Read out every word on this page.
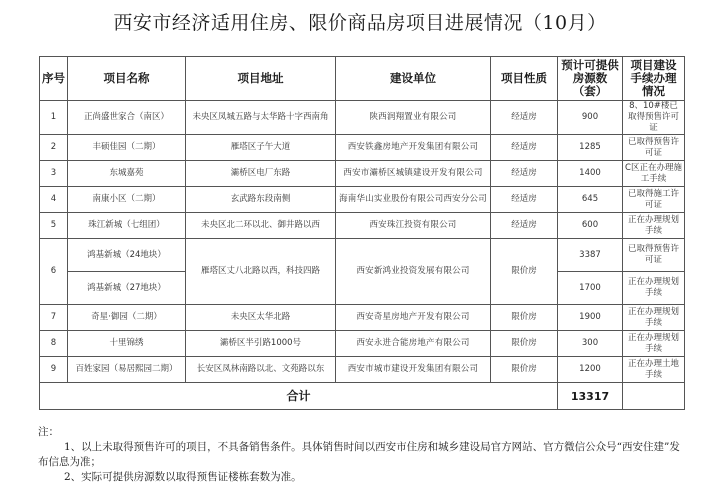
西安市经济适用住房、限价商品房项目进展情况（10月）
序号	项目名称	项目地址	建设单位	项目性质	预计可提供房源数（套）	项目建设手续办理情况
1	正尚盛世家合（南区）	未央区凤城五路与太华路十字西南角	陕西润翔置业有限公司	经适房	900	8、10#楼已取得预售许可证
2	丰硕佳园（二期）	雁塔区子午大道	西安铁鑫房地产开发集团有限公司	经适房	1285	已取得预售许可证
3	东城嘉苑	灞桥区电厂东路	西安市灞桥区城镇建设开发有限公司	经适房	1400	C区正在办理施工手续
4	南康小区（二期）	玄武路东段南侧	海南华山实业股份有限公司西安分公司	经适房	645	已取得施工许可证
5	珠江新城（七组团）	未央区北二环以北、御井路以西	西安珠江投资有限公司	经适房	600	正在办理规划手续
6	鸿基新城（24地块）	雁塔区丈八北路以西，科技四路	西安新鸿业投资发展有限公司	限价房	3387	已取得预售许可证
	鸿基新城（27地块）				1700	正在办理规划手续
7	奇星·御园（二期）	未央区太华北路	西安奇星房地产开发有限公司	限价房	1900	正在办理规划手续
8	十里锦绣	灞桥区半引路1000号	西安永进合能房地产有限公司	限价房	300	正在办理规划手续
9	百姓家园（易居熙园二期）	长安区凤林南路以北、文苑路以东	西安市城市建设开发集团有限公司	限价房	1200	正在办理土地手续
合计					13317	
注：
1、以上未取得预售许可的项目，不具备销售条件。具体销售时间以西安市住房和城乡建设局官方网站、官方微信公众号“西安住建”发布信息为准；
2、实际可提供房源数以取得预售证楼栋套数为准。
